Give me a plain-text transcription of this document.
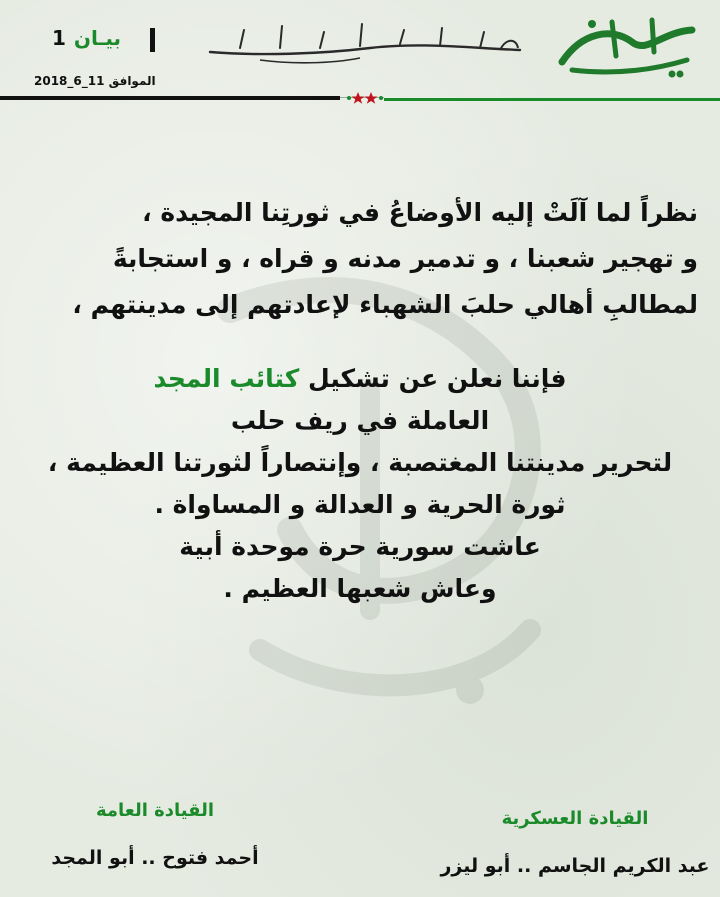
بيـان
1
الموافق 11_6_2018
نظراً لما آلَتْ إليه الأوضاعُ في ثورتِنا المجيدة ،
و تهجير شعبنا ، و تدمير مدنه و قراه ، و استجابةً
لمطالبِ أهالي حلبَ الشهباء لإعادتهم إلى مدينتهم ،
فإننا نعلن عن تشكيل كتائب المجد
العاملة في ريف حلب
لتحرير مدينتنا المغتصبة ، وإنتصاراً لثورتنا العظيمة ،
ثورة الحرية و العدالة و المساواة .
عاشت سورية حرة موحدة أبية
وعاش شعبها العظيم .
القيادة العامة
أحمد فتوح .. أبو المجد
القيادة العسكرية
عبد الكريم الجاسم .. أبو ليزر
